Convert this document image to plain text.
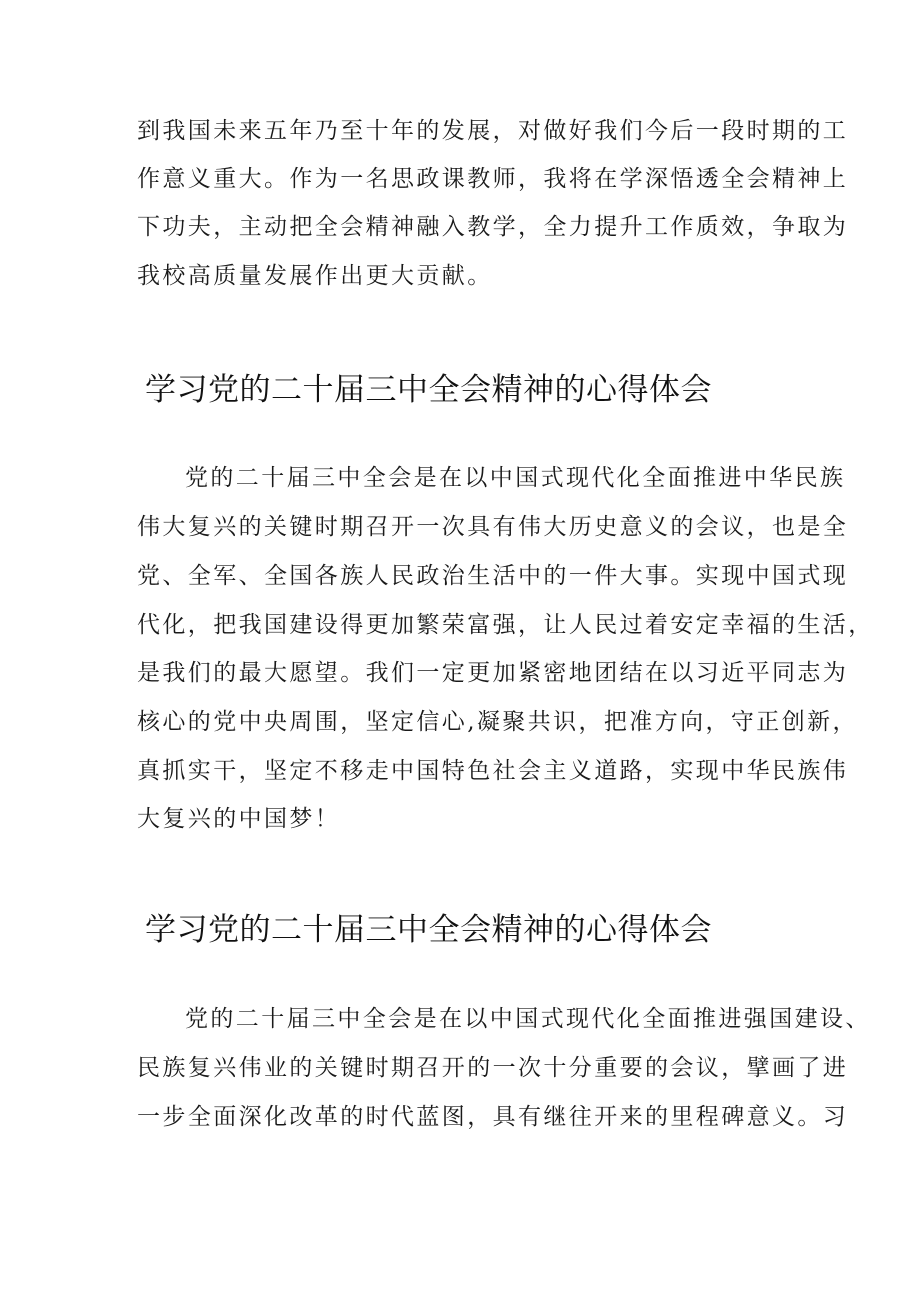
到我国未来五年乃至十年的发展，对做好我们今后一段时期的工
作意义重大。作为一名思政课教师，我将在学深悟透全会精神上
下功夫，主动把全会精神融入教学，全力提升工作质效，争取为
我校高质量发展作出更大贡献。
学习党的二十届三中全会精神的心得体会
党的二十届三中全会是在以中国式现代化全面推进中华民族
伟大复兴的关键时期召开一次具有伟大历史意义的会议，也是全
党、全军、全国各族人民政治生活中的一件大事。实现中国式现
代化，把我国建设得更加繁荣富强，让人民过着安定幸福的生活，
是我们的最大愿望。我们一定更加紧密地团结在以习近平同志为
核心的党中央周围，坚定信心,凝聚共识，把准方向，守正创新，
真抓实干，坚定不移走中国特色社会主义道路，实现中华民族伟
大复兴的中国梦！
学习党的二十届三中全会精神的心得体会
党的二十届三中全会是在以中国式现代化全面推进强国建设、
民族复兴伟业的关键时期召开的一次十分重要的会议，擘画了进
一步全面深化改革的时代蓝图，具有继往开来的里程碑意义。习
